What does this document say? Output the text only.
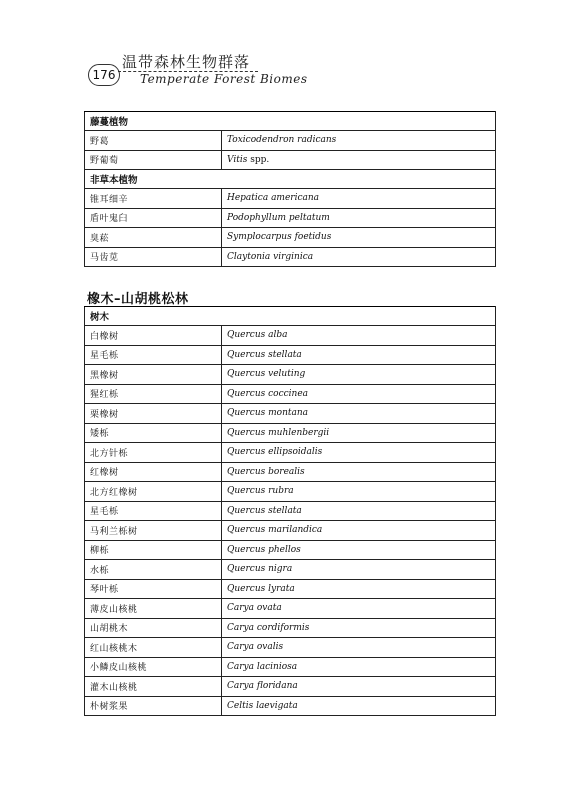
176
温带森林生物群落
Temperate Forest Biomes
藤蔓植物	
野葛	Toxicodendron radicans
野葡萄	Vitis spp.
非草本植物	
锥耳细辛	Hepatica americana
盾叶鬼臼	Podophyllum peltatum
臭菘	Symplocarpus foetidus
马齿苋	Claytonia virginica
橡木–山胡桃松林
树木	
白橡树	Quercus alba
星毛栎	Quercus stellata
黑橡树	Quercus veluting
猩红栎	Quercus coccinea
栗橡树	Quercus montana
矮栎	Quercus muhlenbergii
北方针栎	Quercus ellipsoidalis
红橡树	Quercus borealis
北方红橡树	Quercus rubra
星毛栎	Quercus stellata
马利兰栎树	Quercus marilandica
柳栎	Quercus phellos
水栎	Quercus nigra
琴叶栎	Quercus lyrata
薄皮山核桃	Carya ovata
山胡桃木	Carya cordiformis
红山核桃木	Carya ovalis
小鳞皮山核桃	Carya laciniosa
灌木山核桃	Carya floridana
朴树浆果	Celtis laevigata
